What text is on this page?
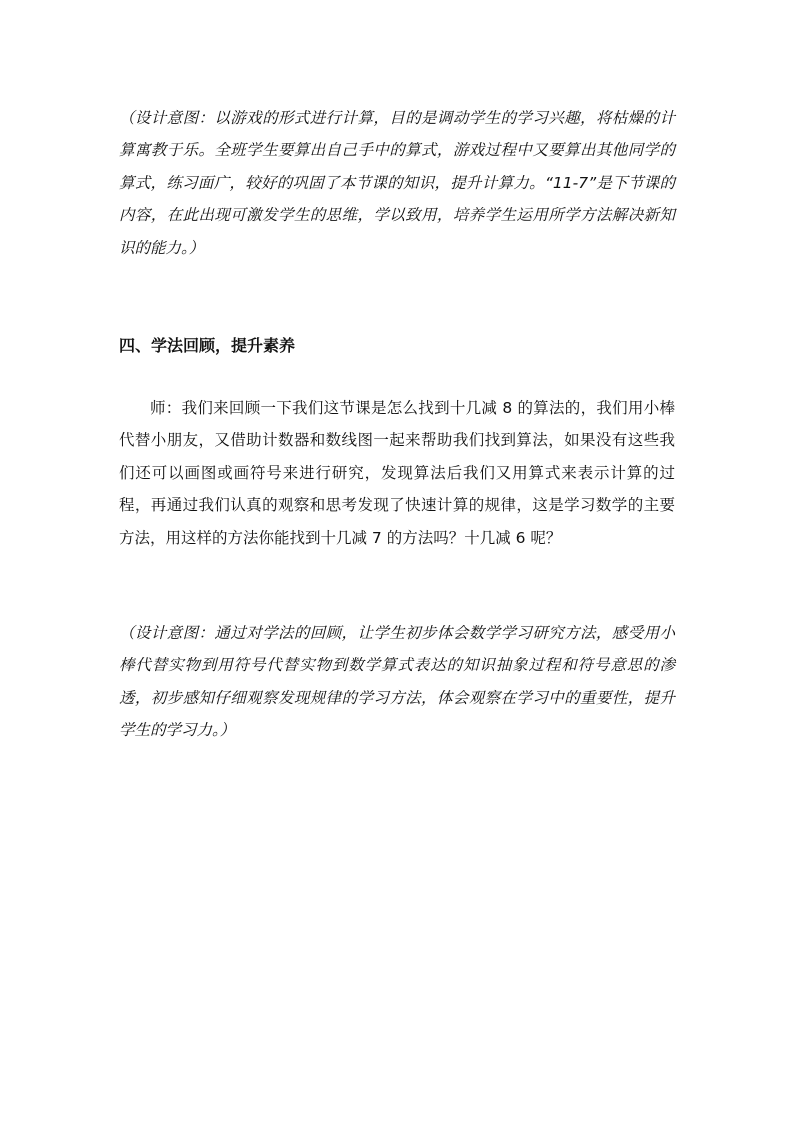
（设计意图：以游戏的形式进行计算，目的是调动学生的学习兴趣，将枯燥的计算寓教于乐。全班学生要算出自己手中的算式，游戏过程中又要算出其他同学的算式，练习面广，较好的巩固了本节课的知识，提升计算力。“11-7”是下节课的内容，在此出现可激发学生的思维，学以致用，培养学生运用所学方法解决新知识的能力。）
四、学法回顾，提升素养
师：我们来回顾一下我们这节课是怎么找到十几减 8 的算法的，我们用小棒代替小朋友，又借助计数器和数线图一起来帮助我们找到算法，如果没有这些我们还可以画图或画符号来进行研究，发现算法后我们又用算式来表示计算的过程，再通过我们认真的观察和思考发现了快速计算的规律，这是学习数学的主要方法，用这样的方法你能找到十几减 7 的方法吗？十几减 6 呢？
（设计意图：通过对学法的回顾，让学生初步体会数学学习研究方法，感受用小棒代替实物到用符号代替实物到数学算式表达的知识抽象过程和符号意思的渗透，初步感知仔细观察发现规律的学习方法，体会观察在学习中的重要性，提升学生的学习力。）
